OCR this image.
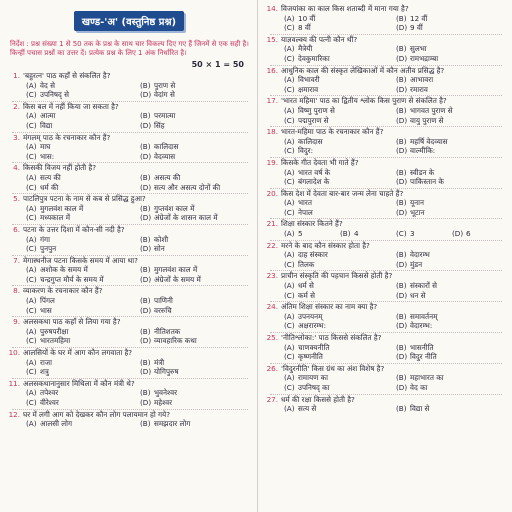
खण्ड-'अ' (वस्तुनिष्ठ प्रश्न)
निर्देश : प्रश्न संख्या 1 से 50 तक के प्रश्न के साथ चार विकल्प दिए गए हैं जिनमें से एक सही है। किन्हीं पचास प्रश्नों का उत्तर दें। प्रत्येक प्रश्न के लिए 1 अंक निर्धारित है।
50 × 1 = 50
1. 'बहुरत्न' पाठ कहाँ से संकलित है?
(A) वेद से	(B) पुराण से
(C) उपनिषद् से	(D) वेदांग से
2. किस बल में नहीं किया जा सकता है?
(A) आत्मा	(B) परमात्मा
(C) विद्या	(D) सिंह
3. मंगलम् पाठ के रचनाकार कौन हैं?
(A) माघ	(B) कालिदास
(C) भास:	(D) वेदव्यास
4. किसकी विजय नहीं होती है?
(A) सत्य की	(B) असत्य की
(C) धर्म की	(D) सत्य और असत्य दोनों की
5. पाटलिपुत्र पटना के नाम से कब से प्रसिद्ध हुआ?
(A) मुगलवंश काल में	(B) गुप्तवंश काल में
(C) मध्यकाल में	(D) अंग्रेजों के शासन काल में
6. पटना के उत्तर दिशा में कौन-सी नदी है?
(A) गंगा	(B) कोशी
(C) पुनपुन	(D) सोन
7. मेगास्थनीज पटना किसके समय में आया था?
(A) अशोक के समय में	(B) मुगलवंश काल में
(C) चन्द्रगुप्त मौर्य के समय में	(D) अंग्रेजों के समय में
8. व्याकरण के रचनाकार कौन हैं?
(A) पिंगल	(B) पाणिनी
(C) भास	(D) वररुचि
9. अलसकथा पाठ कहाँ से लिया गया है?
(A) पुरुषपरीक्षा	(B) नीतिशतक
(C) भारतमहिमा	(D) व्यावहारिक कथा
10. आलसियों के घर में आग कौन लगवाता है?
(A) राजा	(B) मंत्री
(C) शत्रु	(D) योगिपुरुष
11. अलसकथानानुसार मिथिला में कौन मंत्री थे?
(A) तपेश्वर	(B) भुवनेश्वर
(C) वीरेश्वर	(D) महेश्वर
12. घर में लगी आग को देखकर कौन लोग पलायमान हो गये?
(A) आलसी लोग	(B) समझदार लोग
14. विजयांका का काल किस शताब्दी में माना गया है?
(A) 10 वीं	(B) 12 वीं
(C) 8 वीं	(D) 9 वीं
15. याज्ञवल्क्य की पत्नी कौन थीं?
(A) मैत्रेयी	(B) सुलभा
(C) देवकुमारिका	(D) रामभद्राम्बा
16. आधुनिक काल की संस्कृत लेखिकाओं में कौन अतीव प्रसिद्ध है?
(A) विभावरी	(B) आभावरा
(C) क्षमाराव	(D) रमाराव
17. 'भारत महिमा' पाठ का द्वितीय श्लोक किस पुराण से संकलित है?
(A) विष्णु पुराण से	(B) भागवत पुराण से
(C) पद्मपुराण से	(D) वायु पुराण से
18. भारत-महिमा पाठ के रचनाकार कौन हैं?
(A) कालिदास	(B) महर्षि वेदव्यास
(C) विदुर:	(D) वाल्मीकि:
19. किसके गीत देवता भी गाते हैं?
(A) भारत वर्ष के	(B) स्वीडन के
(C) बंगलादेश के	(D) पाकिस्तान के
20. किस देश में देवता बार-बार जन्म लेना चाहते हैं?
(A) भारत	(B) यूनान
(C) नेपाल	(D) भूटान
21. शिक्षा संस्कार कितने हैं?
(A) 5	(B) 4	(C) 3	(D) 6
22. मरने के बाद कौन संस्कार होता है?
(A) दाह संस्कार	(B) वेदारम्भ
(C) तिलक	(D) मुंडन
23. प्राचीन संस्कृति की पहचान किससे होती है?
(A) धर्म से	(B) संस्कारों से
(C) कर्म से	(D) धन से
24. अंतिम शिक्षा संस्कार का नाम क्या है?
(A) उपनयनम्	(B) समावर्तनम्
(C) अक्षरारम्भ:	(D) वेदारम्भ:
25. 'नीतिश्लोका:' पाठ किससे संकलित है?
(A) चाणक्यनीति	(B) भासनीति
(C) कृष्णनीति	(D) विदुर नीति
26. 'विदुरनीति' किस ग्रंथ का अंश विशेष है?
(A) रामायण का	(B) महाभारत का
(C) उपनिषद् का	(D) वेद का
27. धर्म की रक्षा किससे होती है?
(A) सत्य से	(B) विद्या से
